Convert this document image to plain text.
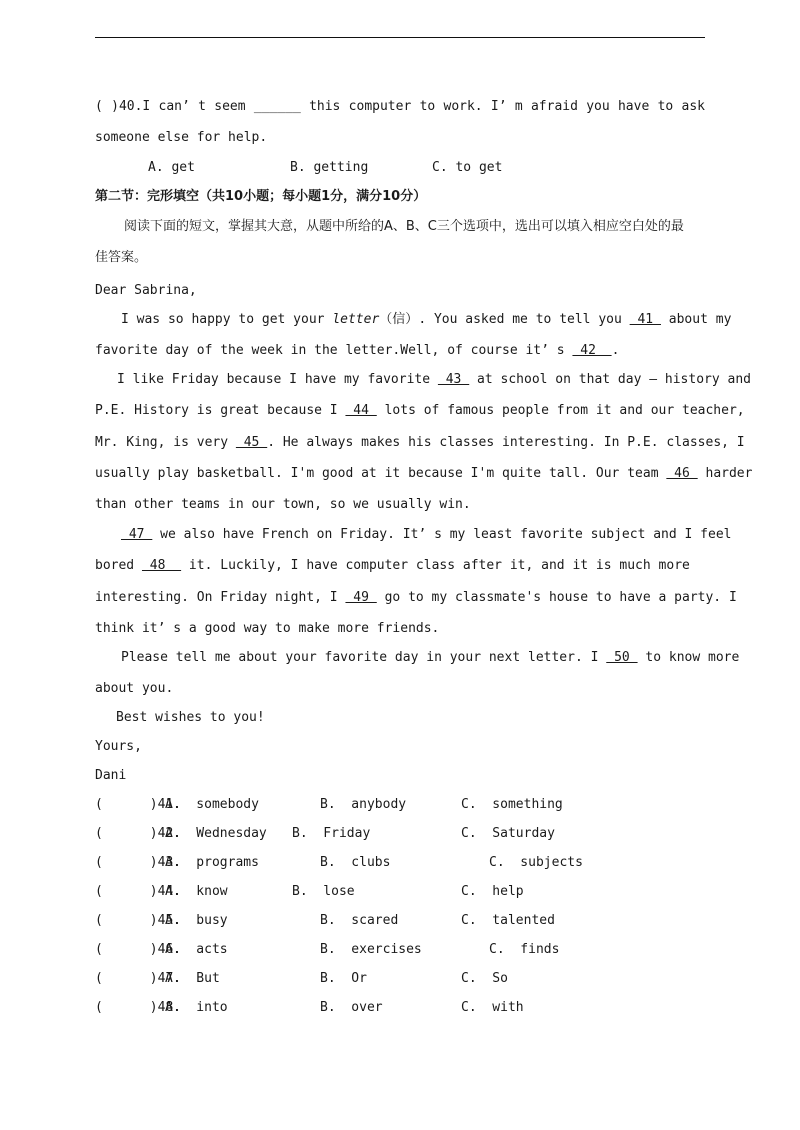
( )40.I can’ t seem ______ this computer to work. I’ m afraid you have to ask
someone else for help.
A. get	B. getting	C. to get
第二节：完形填空（共10小题；每小题1分，满分10分）
阅读下面的短文，掌握其大意，从题中所给的A、B、C三个选项中，选出可以填入相应空白处的最
佳答案。
Dear Sabrina,
I was so happy to get your letter（信）. You asked me to tell you  41  about my
favorite day of the week in the letter.Well, of course it’ s  42  .
I like Friday because I have my favorite  43  at school on that day — history and
P.E. History is great because I  44  lots of famous people from it and our teacher,
Mr. King, is very  45 . He always makes his classes interesting. In P.E. classes, I
usually play basketball. I'm good at it because I'm quite tall. Our team  46  harder
than other teams in our town, so we usually win.
47  we also have French on Friday. It’ s my least favorite subject and I feel
bored  48   it. Luckily, I have computer class after it, and it is much more
interesting. On Friday night, I  49  go to my classmate's house to have a party. I
think it’ s a good way to make more friends.
Please tell me about your favorite day in your next letter. I  50  to know more
about you.
Best wishes to you!
Yours,
Dani
(      )41.
A.  somebody	B.  anybody	C.  something
(      )42.
A.  Wednesday B.  Friday	C.  Saturday
(      )43.
A.  programs	B.  clubs	C.  subjects
(      )44.
A.  know	B.  lose	C.  help
(      )45.
A.  busy	B.  scared	C.  talented
(      )46.
A.  acts	B.  exercises	C.  finds
(      )47.
A.  But	B.  Or	C.  So
(      )48.
A.  into	B.  over	C.  with
